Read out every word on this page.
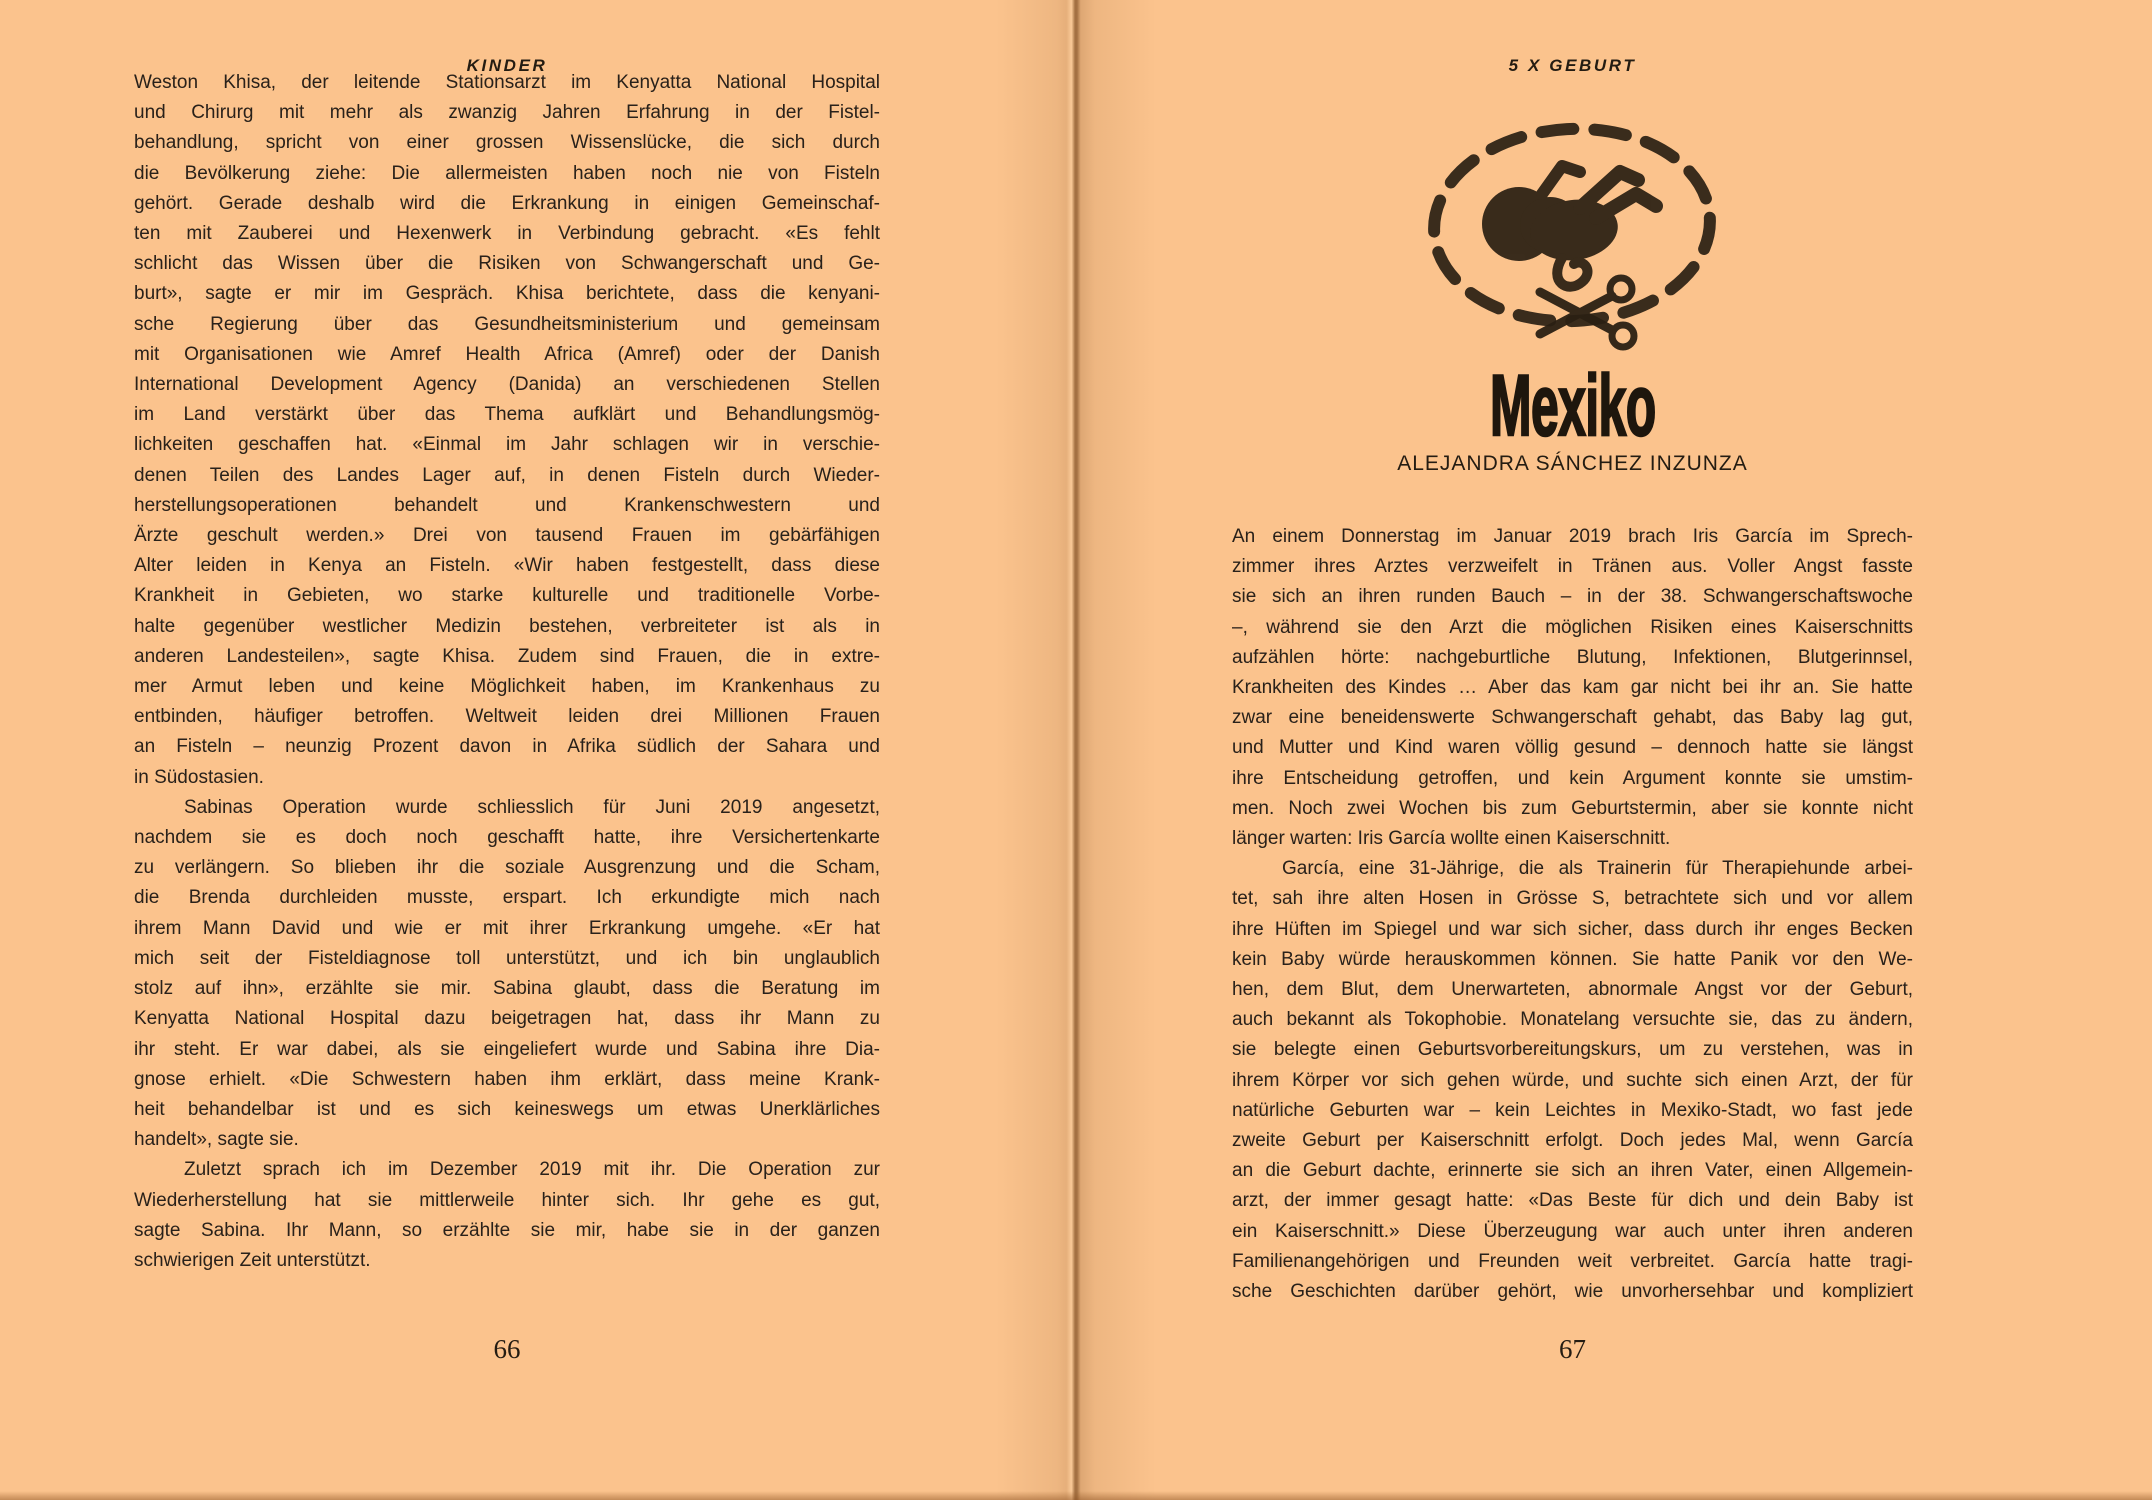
KINDER
Weston Khisa, der leitende Stationsarzt im Kenyatta National Hospital
und Chirurg mit mehr als zwanzig Jahren Erfahrung in der Fistel-
behandlung, spricht von einer grossen Wissenslücke, die sich durch
die Bevölkerung ziehe: Die allermeisten haben noch nie von Fisteln
gehört. Gerade deshalb wird die Erkrankung in einigen Gemeinschaf-
ten mit Zauberei und Hexenwerk in Verbindung gebracht. «Es fehlt
schlicht das Wissen über die Risiken von Schwangerschaft und Ge-
burt», sagte er mir im Gespräch. Khisa berichtete, dass die kenyani-
sche Regierung über das Gesundheitsministerium und gemeinsam
mit Organisationen wie Amref Health Africa (Amref) oder der Danish
International Development Agency (Danida) an verschiedenen Stellen
im Land verstärkt über das Thema aufklärt und Behandlungsmög-
lichkeiten geschaffen hat. «Einmal im Jahr schlagen wir in verschie-
denen Teilen des Landes Lager auf, in denen Fisteln durch Wieder-
herstellungsoperationen behandelt und Krankenschwestern und
Ärzte geschult werden.» Drei von tausend Frauen im gebärfähigen
Alter leiden in Kenya an Fisteln. «Wir haben festgestellt, dass diese
Krankheit in Gebieten, wo starke kulturelle und traditionelle Vorbe-
halte gegenüber westlicher Medizin bestehen, verbreiteter ist als in
anderen Landesteilen», sagte Khisa. Zudem sind Frauen, die in extre-
mer Armut leben und keine Möglichkeit haben, im Krankenhaus zu
entbinden, häufiger betroffen. Weltweit leiden drei Millionen Frauen
an Fisteln – neunzig Prozent davon in Afrika südlich der Sahara und
in Südostasien.
Sabinas Operation wurde schliesslich für Juni 2019 angesetzt,
nachdem sie es doch noch geschafft hatte, ihre Versichertenkarte
zu verlängern. So blieben ihr die soziale Ausgrenzung und die Scham,
die Brenda durchleiden musste, erspart. Ich erkundigte mich nach
ihrem Mann David und wie er mit ihrer Erkrankung umgehe. «Er hat
mich seit der Fisteldiagnose toll unterstützt, und ich bin unglaublich
stolz auf ihn», erzählte sie mir. Sabina glaubt, dass die Beratung im
Kenyatta National Hospital dazu beigetragen hat, dass ihr Mann zu
ihr steht. Er war dabei, als sie eingeliefert wurde und Sabina ihre Dia-
gnose erhielt. «Die Schwestern haben ihm erklärt, dass meine Krank-
heit behandelbar ist und es sich keineswegs um etwas Unerklärliches
handelt», sagte sie.
Zuletzt sprach ich im Dezember 2019 mit ihr. Die Operation zur
Wiederherstellung hat sie mittlerweile hinter sich. Ihr gehe es gut,
sagte Sabina. Ihr Mann, so erzählte sie mir, habe sie in der ganzen
schwierigen Zeit unterstützt.
66
5 X GEBURT
Mexiko
ALEJANDRA SÁNCHEZ INZUNZA
An einem Donnerstag im Januar 2019 brach Iris García im Sprech-
zimmer ihres Arztes verzweifelt in Tränen aus. Voller Angst fasste
sie sich an ihren runden Bauch – in der 38. Schwangerschaftswoche
–, während sie den Arzt die möglichen Risiken eines Kaiserschnitts
aufzählen hörte: nachgeburtliche Blutung, Infektionen, Blutgerinnsel,
Krankheiten des Kindes … Aber das kam gar nicht bei ihr an. Sie hatte
zwar eine beneidenswerte Schwangerschaft gehabt, das Baby lag gut,
und Mutter und Kind waren völlig gesund – dennoch hatte sie längst
ihre Entscheidung getroffen, und kein Argument konnte sie umstim-
men. Noch zwei Wochen bis zum Geburtstermin, aber sie konnte nicht
länger warten: Iris García wollte einen Kaiserschnitt.
García, eine 31-Jährige, die als Trainerin für Therapiehunde arbei-
tet, sah ihre alten Hosen in Grösse S, betrachtete sich und vor allem
ihre Hüften im Spiegel und war sich sicher, dass durch ihr enges Becken
kein Baby würde herauskommen können. Sie hatte Panik vor den We-
hen, dem Blut, dem Unerwarteten, abnormale Angst vor der Geburt,
auch bekannt als Tokophobie. Monatelang versuchte sie, das zu ändern,
sie belegte einen Geburtsvorbereitungskurs, um zu verstehen, was in
ihrem Körper vor sich gehen würde, und suchte sich einen Arzt, der für
natürliche Geburten war – kein Leichtes in Mexiko-Stadt, wo fast jede
zweite Geburt per Kaiserschnitt erfolgt. Doch jedes Mal, wenn García
an die Geburt dachte, erinnerte sie sich an ihren Vater, einen Allgemein-
arzt, der immer gesagt hatte: «Das Beste für dich und dein Baby ist
ein Kaiserschnitt.» Diese Überzeugung war auch unter ihren anderen
Familienangehörigen und Freunden weit verbreitet. García hatte tragi-
sche Geschichten darüber gehört, wie unvorhersehbar und kompliziert
67
